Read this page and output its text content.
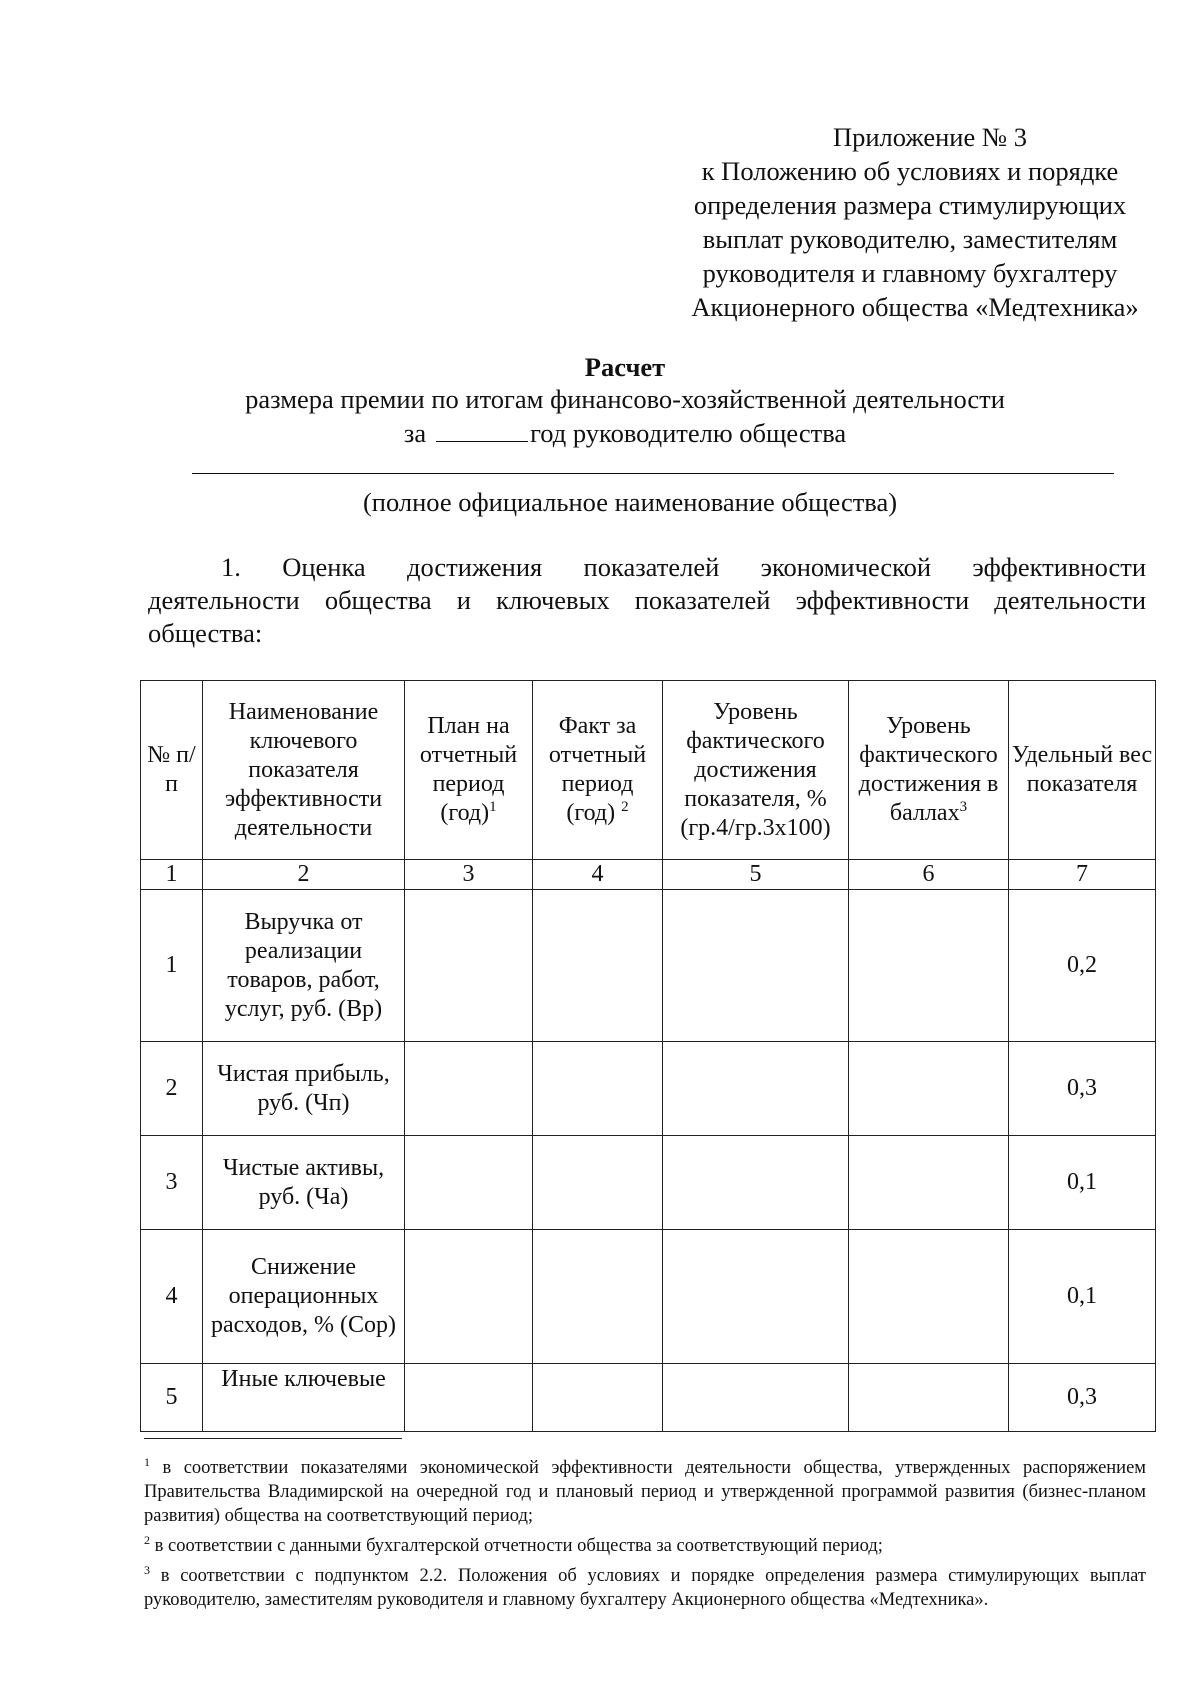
Приложение № 3
к Положению об условиях и порядке
определения размера стимулирующих
выплат руководителю, заместителям
руководителя и главному бухгалтеру
Акционерного общества «Медтехника»
Расчет
размера премии по итогам финансово-хозяйственной деятельности
за	год руководителю общества
(полное официальное наименование общества)
1. Оценка достижения показателей экономической эффективности
деятельности общества и ключевых показателей эффективности деятельности
общества:
№ п/п	Наименование ключевого показателя эффективности деятельности	План на отчетный период (год)$^1$	Факт за отчетный период (год) $^2$	Уровень фактического достижения показателя, % (гр.4/гр.3х100)	Уровень фактического достижения в баллах$^3$	Удельный вес показателя
1	2	3	4	5	6	7
1	Выручка от реализации товаров, работ, услуг, руб. (Вр)					0,2
2	Чистая прибыль, руб. (Чп)					0,3
3	Чистые активы, руб. (Ча)					0,1
4	Снижение операционных расходов, % (Сор)					0,1
5	Иные ключевые					0,3

$^1$ в соответствии показателями экономической эффективности деятельности общества, утвержденных распоряжением Правительства Владимирской на очередной год и плановый период и утвержденной программой развития (бизнес-планом развития) общества на соответствующий период;

$^2$ в соответствии с данными бухгалтерской отчетности общества за соответствующий период;

$^3$ в соответствии с подпунктом 2.2. Положения об условиях и порядке определения размера стимулирующих выплат руководителю, заместителям руководителя и главному бухгалтеру Акционерного общества «Медтехника».
